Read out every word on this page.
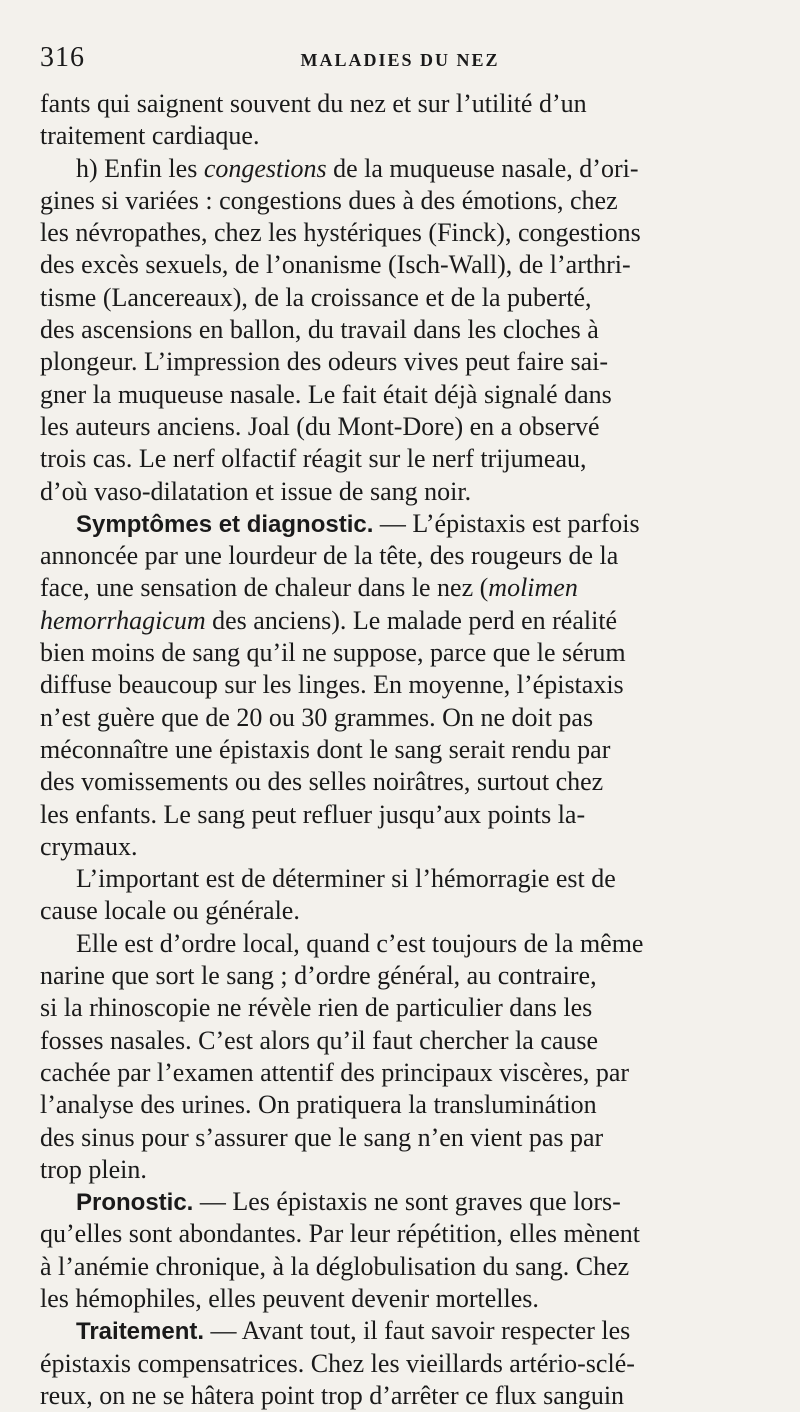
316	MALADIES DU NEZ
fants qui saignent souvent du nez et sur l’utilité d’un
traitement cardiaque.
h) Enfin les congestions de la muqueuse nasale, d’ori-
gines si variées : congestions dues à des émotions, chez
les névropathes, chez les hystériques (Finck), congestions
des excès sexuels, de l’onanisme (Isch-Wall), de l’arthri-
tisme (Lancereaux), de la croissance et de la puberté,
des ascensions en ballon, du travail dans les cloches à
plongeur. L’impression des odeurs vives peut faire sai-
gner la muqueuse nasale. Le fait était déjà signalé dans
les auteurs anciens. Joal (du Mont-Dore) en a observé
trois cas. Le nerf olfactif réagit sur le nerf trijumeau,
d’où vaso-dilatation et issue de sang noir.
Symptômes et diagnostic. — L’épistaxis est parfois
annoncée par une lourdeur de la tête, des rougeurs de la
face, une sensation de chaleur dans le nez (molimen
hemorrhagicum des anciens). Le malade perd en réalité
bien moins de sang qu’il ne suppose, parce que le sérum
diffuse beaucoup sur les linges. En moyenne, l’épistaxis
n’est guère que de 20 ou 30 grammes. On ne doit pas
méconnaître une épistaxis dont le sang serait rendu par
des vomissements ou des selles noirâtres, surtout chez
les enfants. Le sang peut refluer jusqu’aux points la-
crymaux.
L’important est de déterminer si l’hémorragie est de
cause locale ou générale.
Elle est d’ordre local, quand c’est toujours de la même
narine que sort le sang ; d’ordre général, au contraire,
si la rhinoscopie ne révèle rien de particulier dans les
fosses nasales. C’est alors qu’il faut chercher la cause
cachée par l’examen attentif des principaux viscères, par
l’analyse des urines. On pratiquera la transluminátion
des sinus pour s’assurer que le sang n’en vient pas par
trop plein.
Pronostic. — Les épistaxis ne sont graves que lors-
qu’elles sont abondantes. Par leur répétition, elles mènent
à l’anémie chronique, à la déglobulisation du sang. Chez
les hémophiles, elles peuvent devenir mortelles.
Traitement. — Avant tout, il faut savoir respecter les
épistaxis compensatrices. Chez les vieillards artério-sclé-
reux, on ne se hâtera point trop d’arrêter ce flux sanguin
